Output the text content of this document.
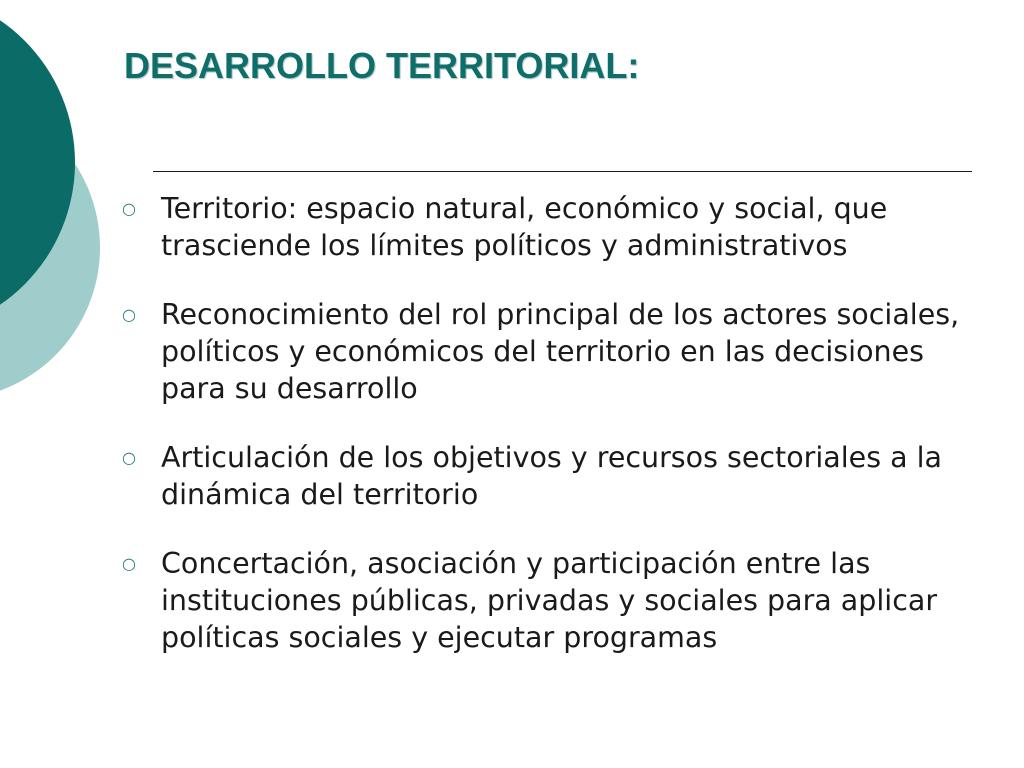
DESARROLLO TERRITORIAL:
○ Territorio: espacio natural, económico y social, que trasciende los límites políticos y administrativos
○ Reconocimiento del rol principal de los actores sociales, políticos y económicos del territorio en las decisiones para su desarrollo
○ Articulación de los objetivos y recursos sectoriales a la dinámica del territorio
○ Concertación, asociación y participación entre las instituciones públicas, privadas y sociales para aplicar políticas sociales y ejecutar programas
